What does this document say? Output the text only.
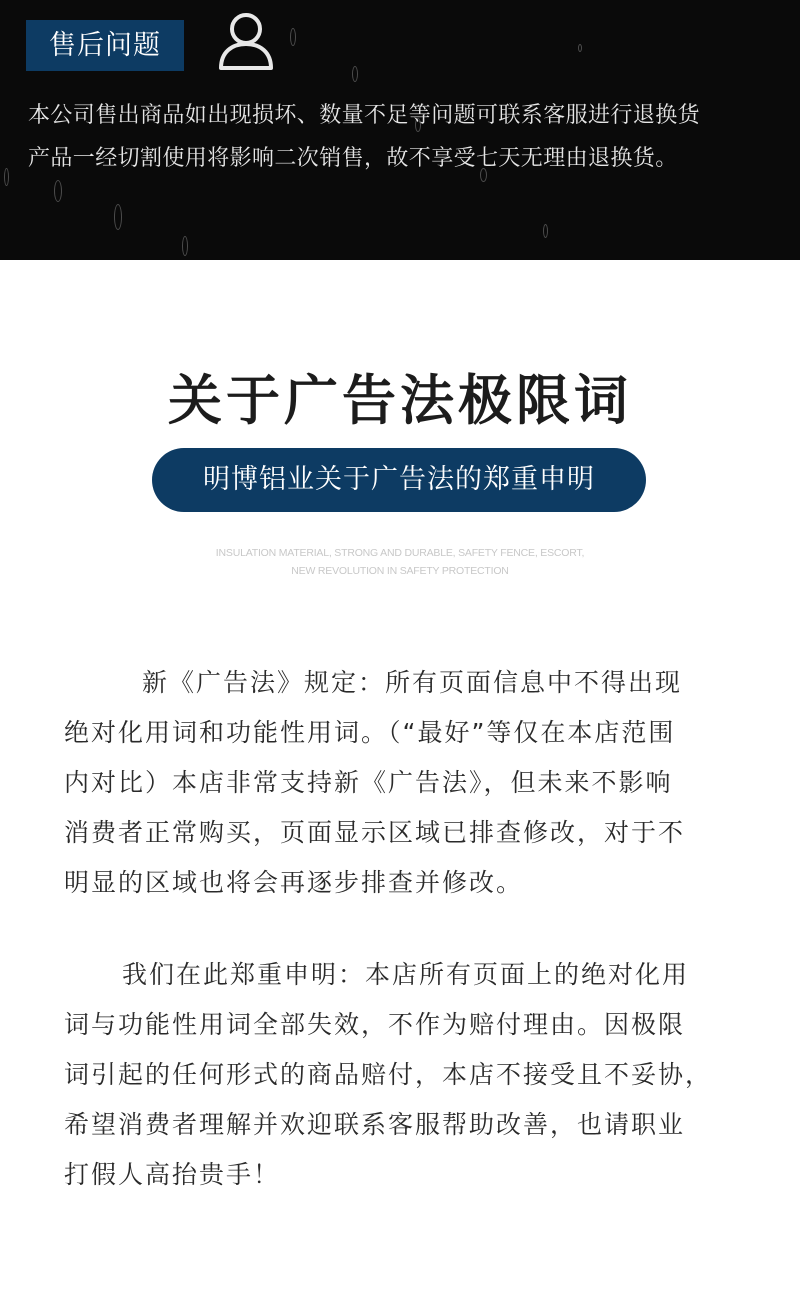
售后问题
本公司售出商品如出现损坏、数量不足等问题可联系客服进行退换货
产品一经切割使用将影响二次销售，故不享受七天无理由退换货。
关于广告法极限词
明博铝业关于广告法的郑重申明
INSULATION MATERIAL, STRONG AND DURABLE, SAFETY FENCE, ESCORT,
NEW REVOLUTION IN SAFETY PROTECTION
新《广告法》规定：所有页面信息中不得出现
绝对化用词和功能性用词。（“最好”等仅在本店范围
内对比）本店非常支持新《广告法》，但未来不影响
消费者正常购买，页面显示区域已排查修改，对于不
明显的区域也将会再逐步排查并修改。
我们在此郑重申明：本店所有页面上的绝对化用
词与功能性用词全部失效，不作为赔付理由。因极限
词引起的任何形式的商品赔付，本店不接受且不妥协，
希望消费者理解并欢迎联系客服帮助改善，也请职业
打假人高抬贵手！
